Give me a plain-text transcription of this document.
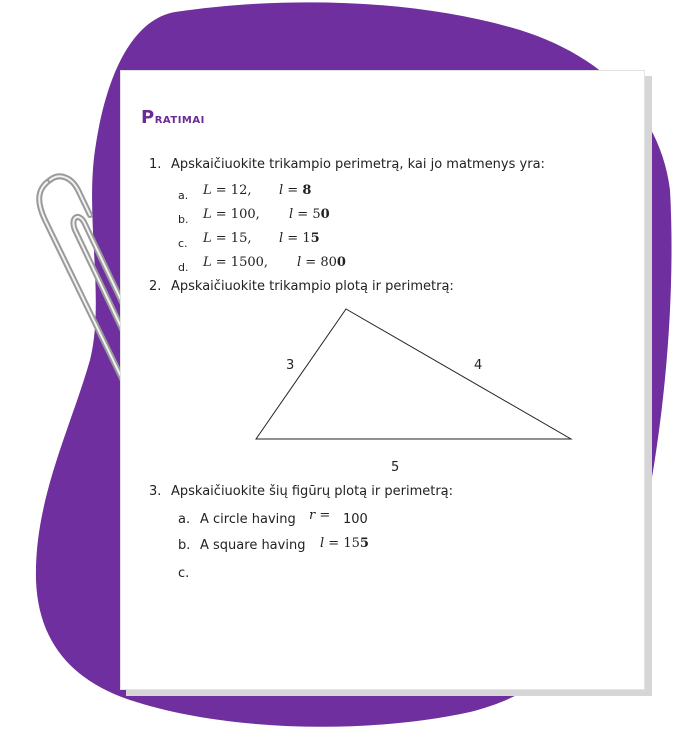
Pratimai
1. Apskaičiuokite trikampio perimetrą, kai jo matmenys yra:
a. L = 12, l = 8
b. L = 100, l = 50
c. L = 15, l = 15
d. L = 1500, l = 800
2. Apskaičiuokite trikampio plotą ir perimetrą:
3	4
5
3. Apskaičiuokite šių figūrų plotą ir perimetrą:
a. A circle having r = 100
b. A square having l = 155
c.
